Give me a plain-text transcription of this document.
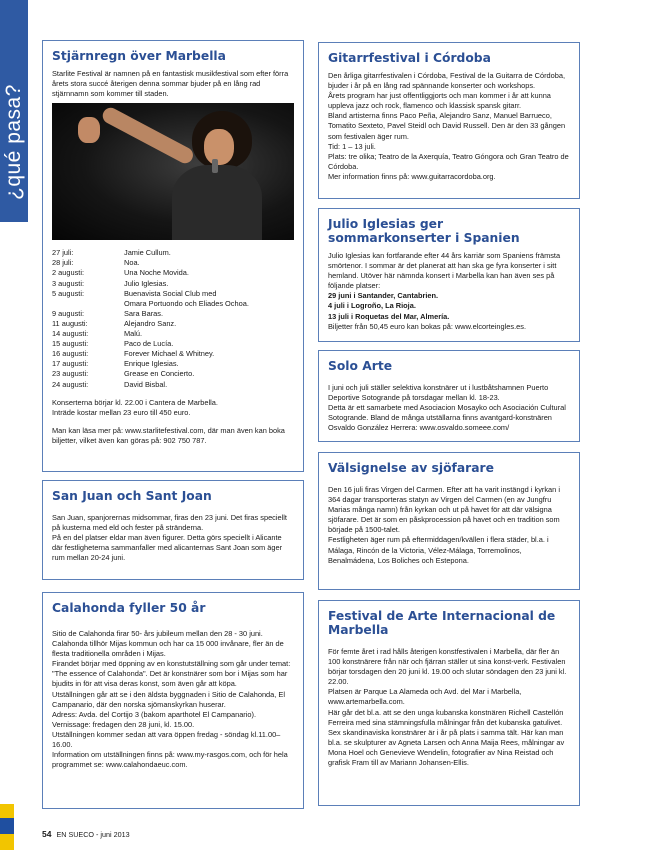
¿qué pasa?
Stjärnregn över Marbella

Starlite Festival är namnen på en fantastisk musikfestival som efter förra årets stora succé återigen denna sommar bjuder på en lång rad stjärnnamn som kommer till staden.

27 juli:	Jamie Cullum.
28 juli:	Noa.
2 augusti:	Una Noche Movida.
3 augusti:	Julio Iglesias.
5 augusti:	Buenavista Social Club med
	Omara Portuondo och Eliades Ochoa.
9 augusti:	Sara Baras.
11 augusti:	Alejandro Sanz.
14 augusti:	Malú.
15 augusti:	Paco de Lucía.
16 augusti:	Forever Michael & Whitney.
17 augusti:	Enrique Iglesias.
23 augusti:	Grease en Concierto.
24 augusti:	David Bisbal.

Konserterna börjar kl. 22.00 i Cantera de Marbella.

Inträde kostar mellan 23 euro till 450 euro.

Man kan läsa mer på: www.starlitefestival.com, där man även kan boka biljetter, vilket även kan göras på: 902 750 787.

San Juan och Sant Joan

San Juan, spanjorernas midsommar, firas den 23 juni. Det firas speciellt på kusterna med eld och fester på stränderna.

På en del platser eldar man även figurer. Detta görs speciellt i Alicante där festligheterna sammanfaller med alicanternas Sant Joan som äger rum mellan 20-24 juni.

Calahonda fyller 50 år

Sitio de Calahonda firar 50- års jubileum mellan den 28 - 30 juni. Calahonda tillhör Mijas kommun och har ca 15 000 invånare, fler än de flesta traditionella områden i Mijas.

Firandet börjar med öppning av en konstutställning som går under temat: "The essence of Calahonda". Det är konstnärer som bor i Mijas som har bjudits in för att visa deras konst, som även går att köpa.

Utställningen går att se i den äldsta byggnaden i Sitio de Calahonda, El Campanario, där den norska sjömanskyrkan huserar.

Adress: Avda. del Cortijo 3 (bakom aparthotel El Campanario).

Vernissage: fredagen den 28 juni, kl. 15.00.

Utställningen kommer sedan att vara öppen fredag - söndag kl.11.00–16.00.

Information om utställningen finns på: www.my-rasgos.com, och för hela programmet se: www.calahondaeuc.com.

Gitarrfestival i Córdoba

Den årliga gitarrfestivalen i Córdoba, Festival de la Guitarra de Córdoba, bjuder i år på en lång rad spännande konserter och workshops.

Årets program har just offentliggjorts och man kommer i år att kunna uppleva jazz och rock, flamenco och klassisk spansk gitarr.

Bland artisterna finns Paco Peña, Alejandro Sanz, Manuel Barrueco, Tomatito Sexteto, Pavel Steidl och David Russell. Den är den 33 gången som festivalen äger rum.

Tid: 1 – 13 juli.

Plats: tre olika; Teatro de la Axerquía, Teatro Góngora och Gran Teatro de Córdoba.

Mer information finns på: www.guitarracordoba.org.

Julio Iglesias ger sommarkonserter i Spanien

Julio Iglesias kan fortfarande efter 44 års karriär som Spaniens främsta smörtenor. I sommar är det planerat att han ska ge fyra konserter i sitt hemland. Utöver här nämnda konsert i Marbella kan han även ses på följande platser:

29 juni i Santander, Cantabrien.

4 juli i Logroño, La Rioja.

13 juli i Roquetas del Mar, Almería.

Biljetter från 50,45 euro kan bokas på: www.elcorteingles.es.

Solo Arte

I juni och juli ställer selektiva konstnärer ut i lustbåtshamnen Puerto Deportive Sotogrande på torsdagar mellan kl. 18-23.

Detta är ett samarbete med Asociacion Mosayko och Asociación Cultural Sotogrande. Bland de många utställarna finns avantgard-konstnären Osvaldo González Herrera: www.osvaldo.someee.com/

Välsignelse av sjöfarare

Den 16 juli firas Virgen del Carmen. Efter att ha varit instängd i kyrkan i 364 dagar transporteras statyn av Virgen del Carmen (en av Jungfru Marias många namn) från kyrkan och ut på havet för att där välsigna sjöfarare. Det är som en påskprocession på havet och en tradition som började på 1500-talet.

Festligheten äger rum på eftermiddagen/kvällen i flera städer, bl.a. i Málaga, Rincón de la Victoria, Vélez-Málaga, Torremolinos, Benalmádena, Los Boliches och Estepona.

Festival de Arte Internacional de Marbella

För femte året i rad hålls återigen konstfestivalen i Marbella, där fler än 100 konstnärere från när och fjärran ställer ut sina konst-verk. Festivalen börjar torsdagen den 20 juni kl. 19.00 och slutar söndagen den 23 juni kl. 22.00.

Platsen är Parque La Alameda och Avd. del Mar i Marbella, www.artemarbella.com.

Här går det bl.a. att se den unga kubanska konstnären Richell Castellón Ferreira med sina stämningsfulla målningar från det kubanska gatulivet.

Sex skandinaviska konstnärer är i år på plats i samma tält. Här kan man bl.a. se skulpturer av Agneta Larsen och Anna Maija Rees, målningar av Mona Hoel och Genevieve Wendelin, fotografier av Nina Reistad och grafisk Fram till av Mariann Johansen-Ellis.

54 EN SUECO - juni 2013
